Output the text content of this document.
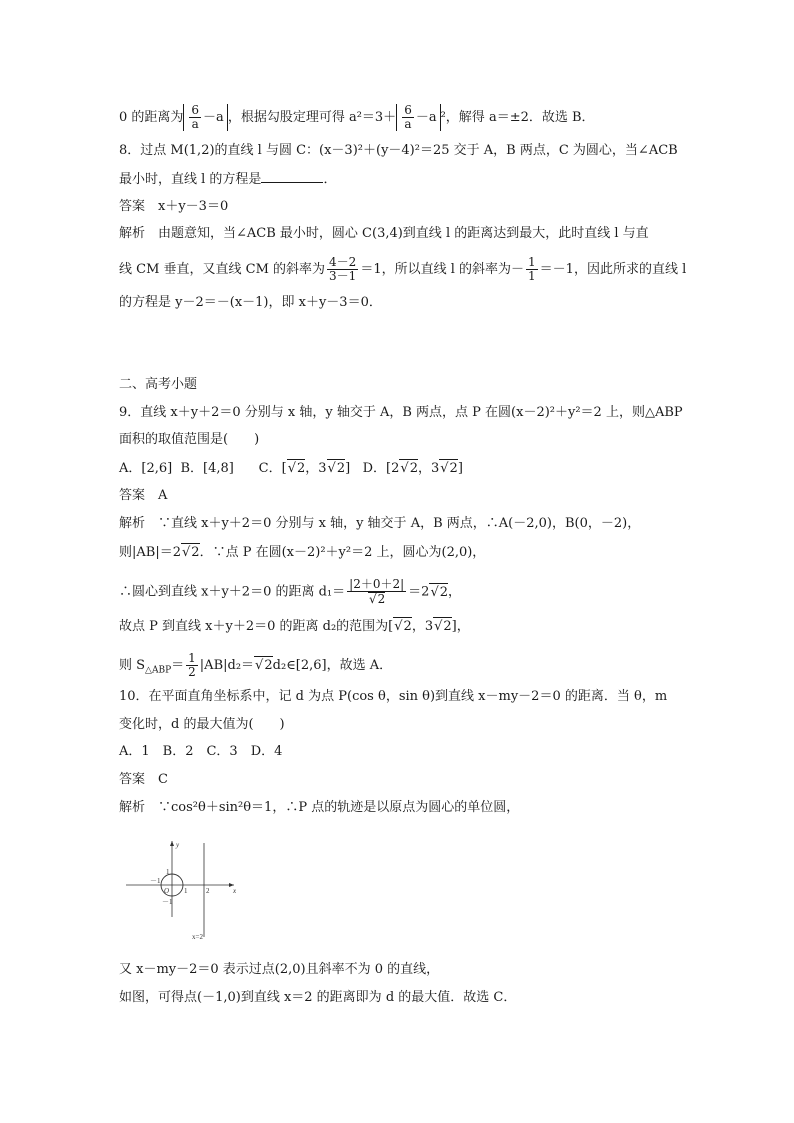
0 的距离为 $\frac{6}{a} -a$ ，根据勾股定理可得 $a^2=3+ \frac{6}{a} -a$ ²，解得 a＝±2．故选 B．
8．过点 M(1,2)的直线 l 与圆 C：(x－3)²＋(y－4)²＝25 交于 A，B 两点，C 为圆心，当∠ACB
最小时，直线 l 的方程是	．
答案　x＋y－3＝0
解析　由题意知，当∠ACB 最小时，圆心 C(3,4)到直线 l 的距离达到最大，此时直线 l 与直
线 CM 垂直，又直线 CM 的斜率为 $\frac{4-2}{3-1} =1$，所以直线 l 的斜率为－ $\frac{1}{1} =-1$，因此所求的直线 l
的方程是 y－2＝－(x－1)，即 x＋y－3＝0．
二、高考小题
9．直线 x＋y＋2＝0 分别与 x 轴，y 轴交于 A，B 两点，点 P 在圆(x－2)²＋y²＝2 上，则△ABP
面积的取值范围是(　　)
A．[2,6] B．[4,8] C．[√ 2，3√ 2] D．[2√ 2，3√ 2]
答案　A
解析　∵直线 x＋y＋2＝0 分别与 x 轴，y 轴交于 A，B 两点，∴A(－2,0)，B(0，－2)，
则|AB|＝2√ 2．∵点 P 在圆(x－2)²＋y²＝2 上，圆心为(2,0)，
∴圆心到直线 x＋y＋2＝0 的距离 d₁＝ |2＋0＋2|
√ 2 ＝2√ 2，
故点 P 到直线 x＋y＋2＝0 的距离 d₂的范围为[√ 2，3√ 2]，
则 $S_{\triangle ABP}= \frac{1}{2} |AB|d_2=√$ 2d₂∈[2,6]，故选 A．
10．在平面直角坐标系中，记 d 为点 P(cos θ，sin θ)到直线 x－my－2＝0 的距离．当 θ，m
变化时，d 的最大值为(　　)
A．1　B．2　C．3　D．4
答案　C
解析　∵cos²θ＋sin²θ＝1，∴P 点的轨迹是以原点为圆心的单位圆，
y
x
1
－1
－1
O 1	2
x=2
又 x－my－2＝0 表示过点(2,0)且斜率不为 0 的直线，
如图，可得点(－1,0)到直线 x＝2 的距离即为 d 的最大值．故选 C．
